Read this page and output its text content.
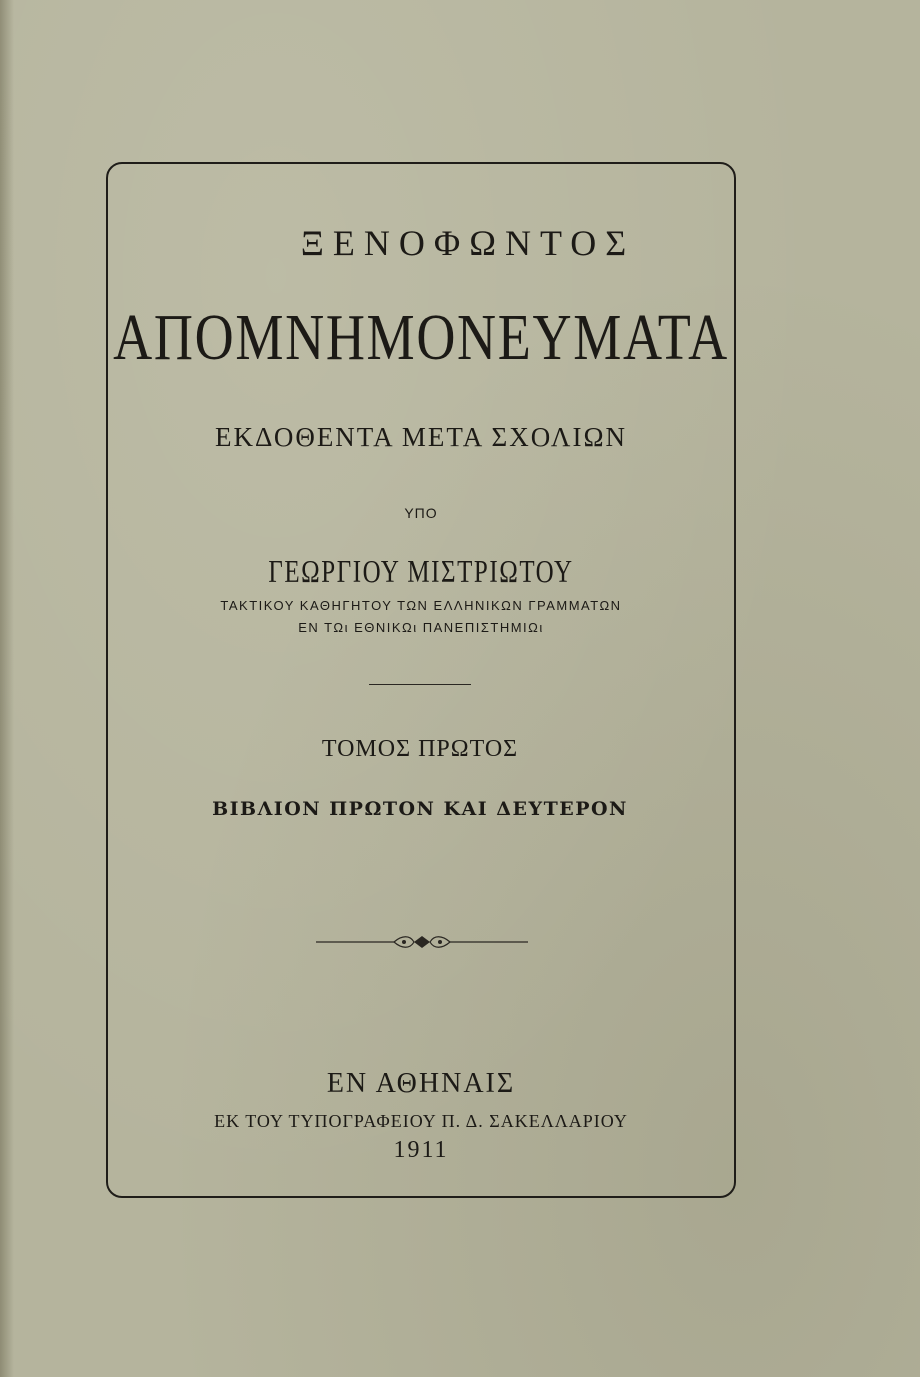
ΞΕΝΟΦΩΝΤΟΣ
ΑΠΟΜΝΗΜΟΝΕΥΜΑΤΑ
ΕΚΔΟΘΕΝΤΑ ΜΕΤΑ ΣΧΟΛΙΩΝ
ΥΠΟ
ΓΕΩΡΓΙΟΥ ΜΙΣΤΡΙΩΤΟΥ
ΤΑΚΤΙΚΟΥ ΚΑΘΗΓΗΤΟΥ ΤΩΝ ΕΛΛΗΝΙΚΩΝ ΓΡΑΜΜΑΤΩΝ
ΕΝ ΤΩι ΕΘΝΙΚΩι ΠΑΝΕΠΙΣΤΗΜΙΩι
ΤΟΜΟΣ ΠΡΩΤΟΣ
ΒΙΒΛΙΟΝ ΠΡΩΤΟΝ ΚΑΙ ΔΕΥΤΕΡΟΝ
ΕΝ ΑΘΗΝΑΙΣ
ΕΚ ΤΟΥ ΤΥΠΟΓΡΑΦΕΙΟΥ Π. Δ. ΣΑΚΕΛΛΑΡΙΟΥ
1911
